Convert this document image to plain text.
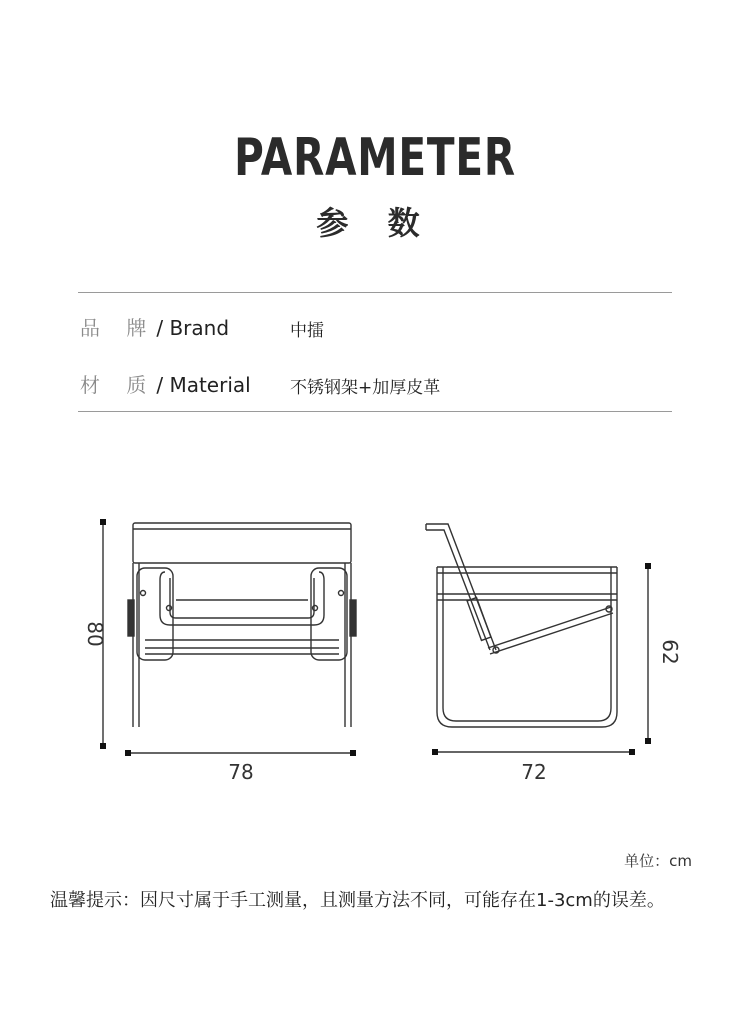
PARAMETER
参 数
品 牌/ Brand	中擂
材 质/ Material 不锈钢架+加厚皮革
80
78
62
72
单位：cm
温馨提示：因尺寸属于手工测量，且测量方法不同，可能存在1-3cm的误差。
